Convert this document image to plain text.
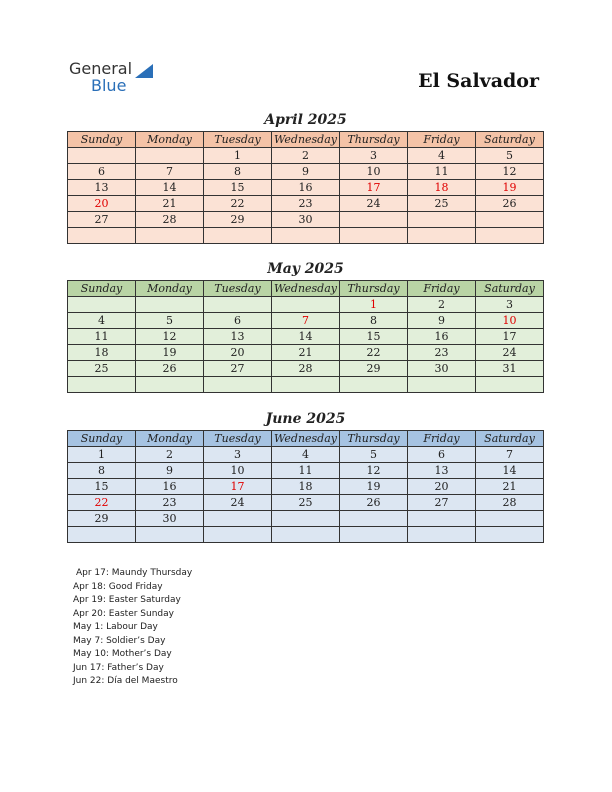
General
Blue	El Salvador
April 2025
Sunday	Monday	Tuesday	Wednesday	Thursday	Friday	Saturday
		1	2	3	4	5
6	7	8	9	10	11	12
13	14	15	16	17	18	19
20	21	22	23	24	25	26
27	28	29	30			

May 2025
Sunday	Monday	Tuesday	Wednesday	Thursday	Friday	Saturday
				1	2	3
4	5	6	7	8	9	10
11	12	13	14	15	16	17
18	19	20	21	22	23	24
25	26	27	28	29	30	31

June 2025
Sunday	Monday	Tuesday	Wednesday	Thursday	Friday	Saturday
1	2	3	4	5	6	7
8	9	10	11	12	13	14
15	16	17	18	19	20	21
22	23	24	25	26	27	28
29	30					

Apr 17: Maundy Thursday
Apr 18: Good Friday
Apr 19: Easter Saturday
Apr 20: Easter Sunday
May 1: Labour Day
May 7: Soldier’s Day
May 10: Mother’s Day
Jun 17: Father’s Day
Jun 22: Día del Maestro
